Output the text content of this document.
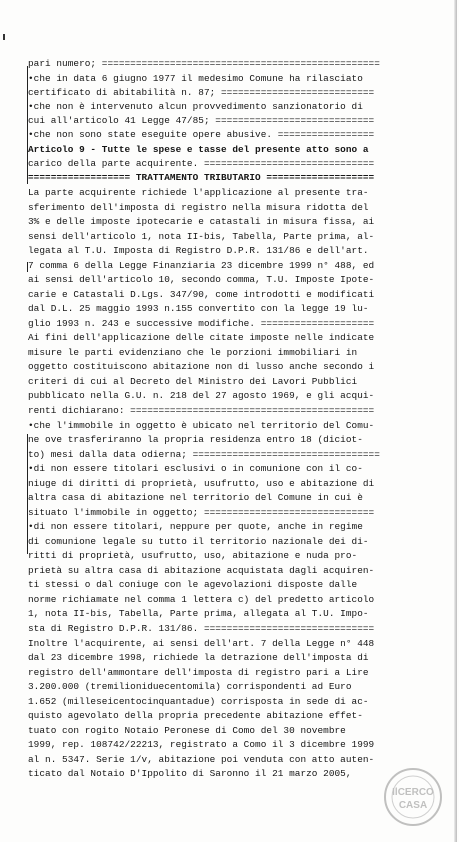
pari numero; =================================================
•che in data 6 giugno 1977 il medesimo Comune ha rilasciato
certificato di abitabilità n. 87; ===========================
•che non è intervenuto alcun provvedimento sanzionatorio di
cui all'articolo 41 Legge 47/85; ============================
•che non sono state eseguite opere abusive. =================
Articolo 9 - Tutte le spese e tasse del presente atto sono a
carico della parte acquirente. ==============================
================== TRATTAMENTO TRIBUTARIO ===================
La parte acquirente richiede l'applicazione al presente tra-
sferimento dell'imposta di registro nella misura ridotta del
3% e delle imposte ipotecarie e catastali in misura fissa, ai
sensi dell'articolo 1, nota II-bis, Tabella, Parte prima, al-
legata al T.U. Imposta di Registro D.P.R. 131/86 e dell'art.
7 comma 6 della Legge Finanziaria 23 dicembre 1999 n° 488, ed
ai sensi dell'articolo 10, secondo comma, T.U. Imposte Ipote-
carie e Catastali D.Lgs. 347/90, come introdotti e modificati
dal D.L. 25 maggio 1993 n.155 convertito con la legge 19 lu-
glio 1993 n. 243 e successive modifiche. ====================
Ai fini dell'applicazione delle citate imposte nelle indicate
misure le parti evidenziano che le porzioni immobiliari in
oggetto costituiscono abitazione non di lusso anche secondo i
criteri di cui al Decreto del Ministro dei Lavori Pubblici
pubblicato nella G.U. n. 218 del 27 agosto 1969, e gli acqui-
renti dichiarano: ===========================================
•che l'immobile in oggetto è ubicato nel territorio del Comu-
ne ove trasferiranno la propria residenza entro 18 (diciot-
to) mesi dalla data odierna; =================================
•di non essere titolari esclusivi o in comunione con il co-
niuge di diritti di proprietà, usufrutto, uso e abitazione di
altra casa di abitazione nel territorio del Comune in cui è
situato l'immobile in oggetto; ==============================
•di non essere titolari, neppure per quote, anche in regime
di comunione legale su tutto il territorio nazionale dei di-
ritti di proprietà, usufrutto, uso, abitazione e nuda pro-
prietà su altra casa di abitazione acquistata dagli acquiren-
ti stessi o dal coniuge con le agevolazioni disposte dalle
norme richiamate nel comma 1 lettera c) del predetto articolo
1, nota II-bis, Tabella, Parte prima, allegata al T.U. Impo-
sta di Registro D.P.R. 131/86. ==============================
Inoltre l'acquirente, ai sensi dell'art. 7 della Legge n° 448
dal 23 dicembre 1998, richiede la detrazione dell'imposta di
registro dell'ammontare dell'imposta di registro pari a Lire
3.200.000 (tremilioniduecentomila) corrispondenti ad Euro
1.652 (milleseicentocinquantadue) corrisposta in sede di ac-
quisto agevolato della propria precedente abitazione effet-
tuato con rogito Notaio Peronese di Como del 30 novembre
1999, rep. 108742/22213, registrato a Como il 3 dicembre 1999
al n. 5347. Serie 1/v, abitazione poi venduta con atto auten-
ticato dal Notaio D'Ippolito di Saronno il 21 marzo 2005,
IlCERCO
CASA
